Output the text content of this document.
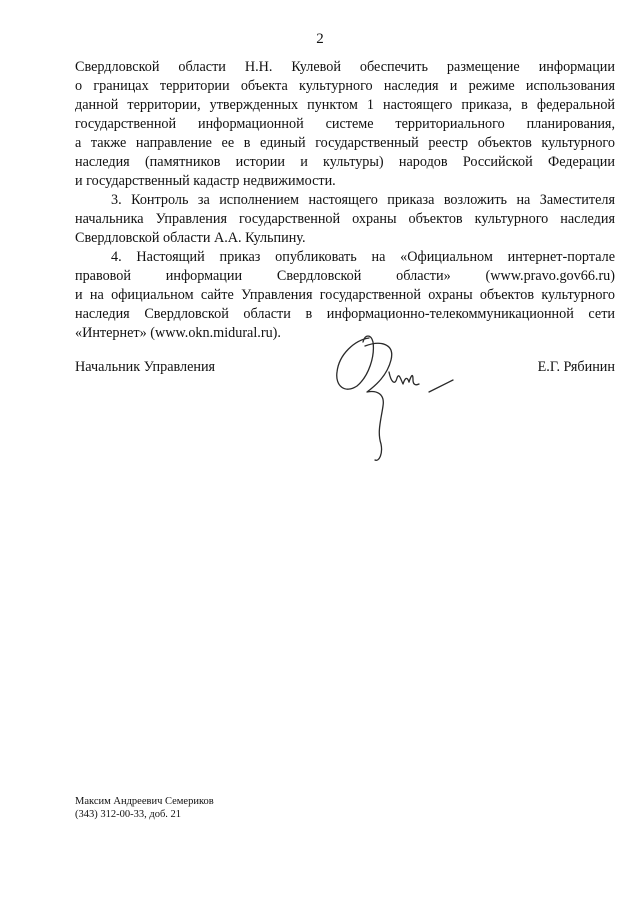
2

Свердловской области Н.Н. Кулевой обеспечить размещение информации
о границах территории объекта культурного наследия и режиме использования
данной территории, утвержденных пунктом 1 настоящего приказа, в федеральной
государственной информационной системе территориального планирования,
а также направление ее в единый государственный реестр объектов культурного
наследия (памятников истории и культуры) народов Российской Федерации
и государственный кадастр недвижимости.

3. Контроль за исполнением настоящего приказа возложить на Заместителя
начальника Управления государственной охраны объектов культурного наследия
Свердловской области А.А. Кульпину.

4. Настоящий приказ опубликовать на «Официальном интернет-портале
правовой информации Свердловской области» (www.pravo.gov66.ru)
и на официальном сайте Управления государственной охраны объектов культурного
наследия Свердловской области в информационно-телекоммуникационной сети
«Интернет» (www.okn.midural.ru).

Начальник Управления	Е.Г. Рябинин
Максим Андреевич Семериков
(343) 312-00-33, доб. 21
